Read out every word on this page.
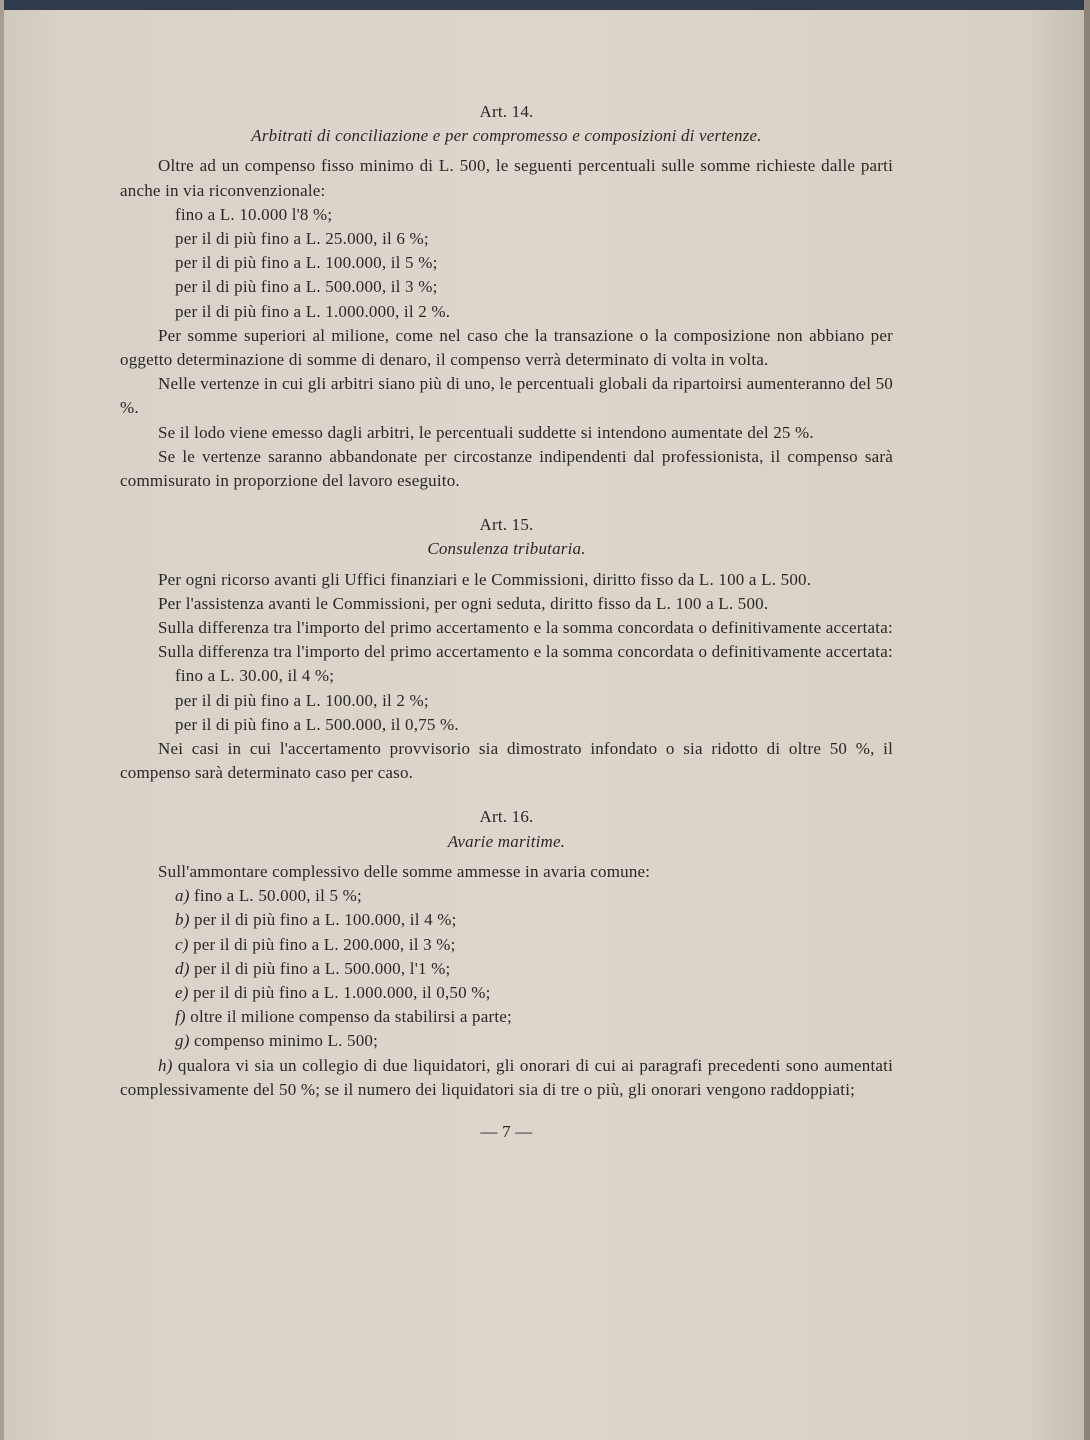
Art. 14.

Arbitrati di conciliazione e per compromesso e composizioni di vertenze.

Oltre ad un compenso fisso minimo di L. 500, le seguenti percentuali sulle somme richieste dalle parti anche in via riconvenzionale:

fino a L. 10.000 l'8 %;

per il di più fino a L. 25.000, il 6 %;

per il di più fino a L. 100.000, il 5 %;

per il di più fino a L. 500.000, il 3 %;

per il di più fino a L. 1.000.000, il 2 %.

Per somme superiori al milione, come nel caso che la transazione o la composizione non abbiano per oggetto determinazione di somme di denaro, il compenso verrà determinato di volta in volta.

Nelle vertenze in cui gli arbitri siano più di uno, le percentuali globali da ripartoirsi aumenteranno del 50 %.

Se il lodo viene emesso dagli arbitri, le percentuali suddette si intendono aumentate del 25 %.

Se le vertenze saranno abbandonate per circostanze indipendenti dal professionista, il compenso sarà commisurato in proporzione del lavoro eseguito.

Art. 15.

Consulenza tributaria.

Per ogni ricorso avanti gli Uffici finanziari e le Commissioni, diritto fisso da L. 100 a L. 500.

Per l'assistenza avanti le Commissioni, per ogni seduta, diritto fisso da L. 100 a L. 500.

Sulla differenza tra l'importo del primo accertamento e la somma concordata o definitivamente accertata:

Sulla differenza tra l'importo del primo accertamento e la somma concordata o definitivamente accertata:

fino a L. 30.00, il 4 %;

per il di più fino a L. 100.00, il 2 %;

per il di più fino a L. 500.000, il 0,75 %.

Nei casi in cui l'accertamento provvisorio sia dimostrato infondato o sia ridotto di oltre 50 %, il compenso sarà determinato caso per caso.

Art. 16.

Avarie maritime.

Sull'ammontare complessivo delle somme ammesse in avaria comune:

a) fino a L. 50.000, il 5 %;

b) per il di più fino a L. 100.000, il 4 %;

c) per il di più fino a L. 200.000, il 3 %;

d) per il di più fino a L. 500.000, l'1 %;

e) per il di più fino a L. 1.000.000, il 0,50 %;

f) oltre il milione compenso da stabilirsi a parte;

g) compenso minimo L. 500;

h) qualora vi sia un collegio di due liquidatori, gli onorari di cui ai paragrafi precedenti sono aumentati complessivamente del 50 %; se il numero dei liquidatori sia di tre o più, gli onorari vengono raddoppiati;

— 7 —
